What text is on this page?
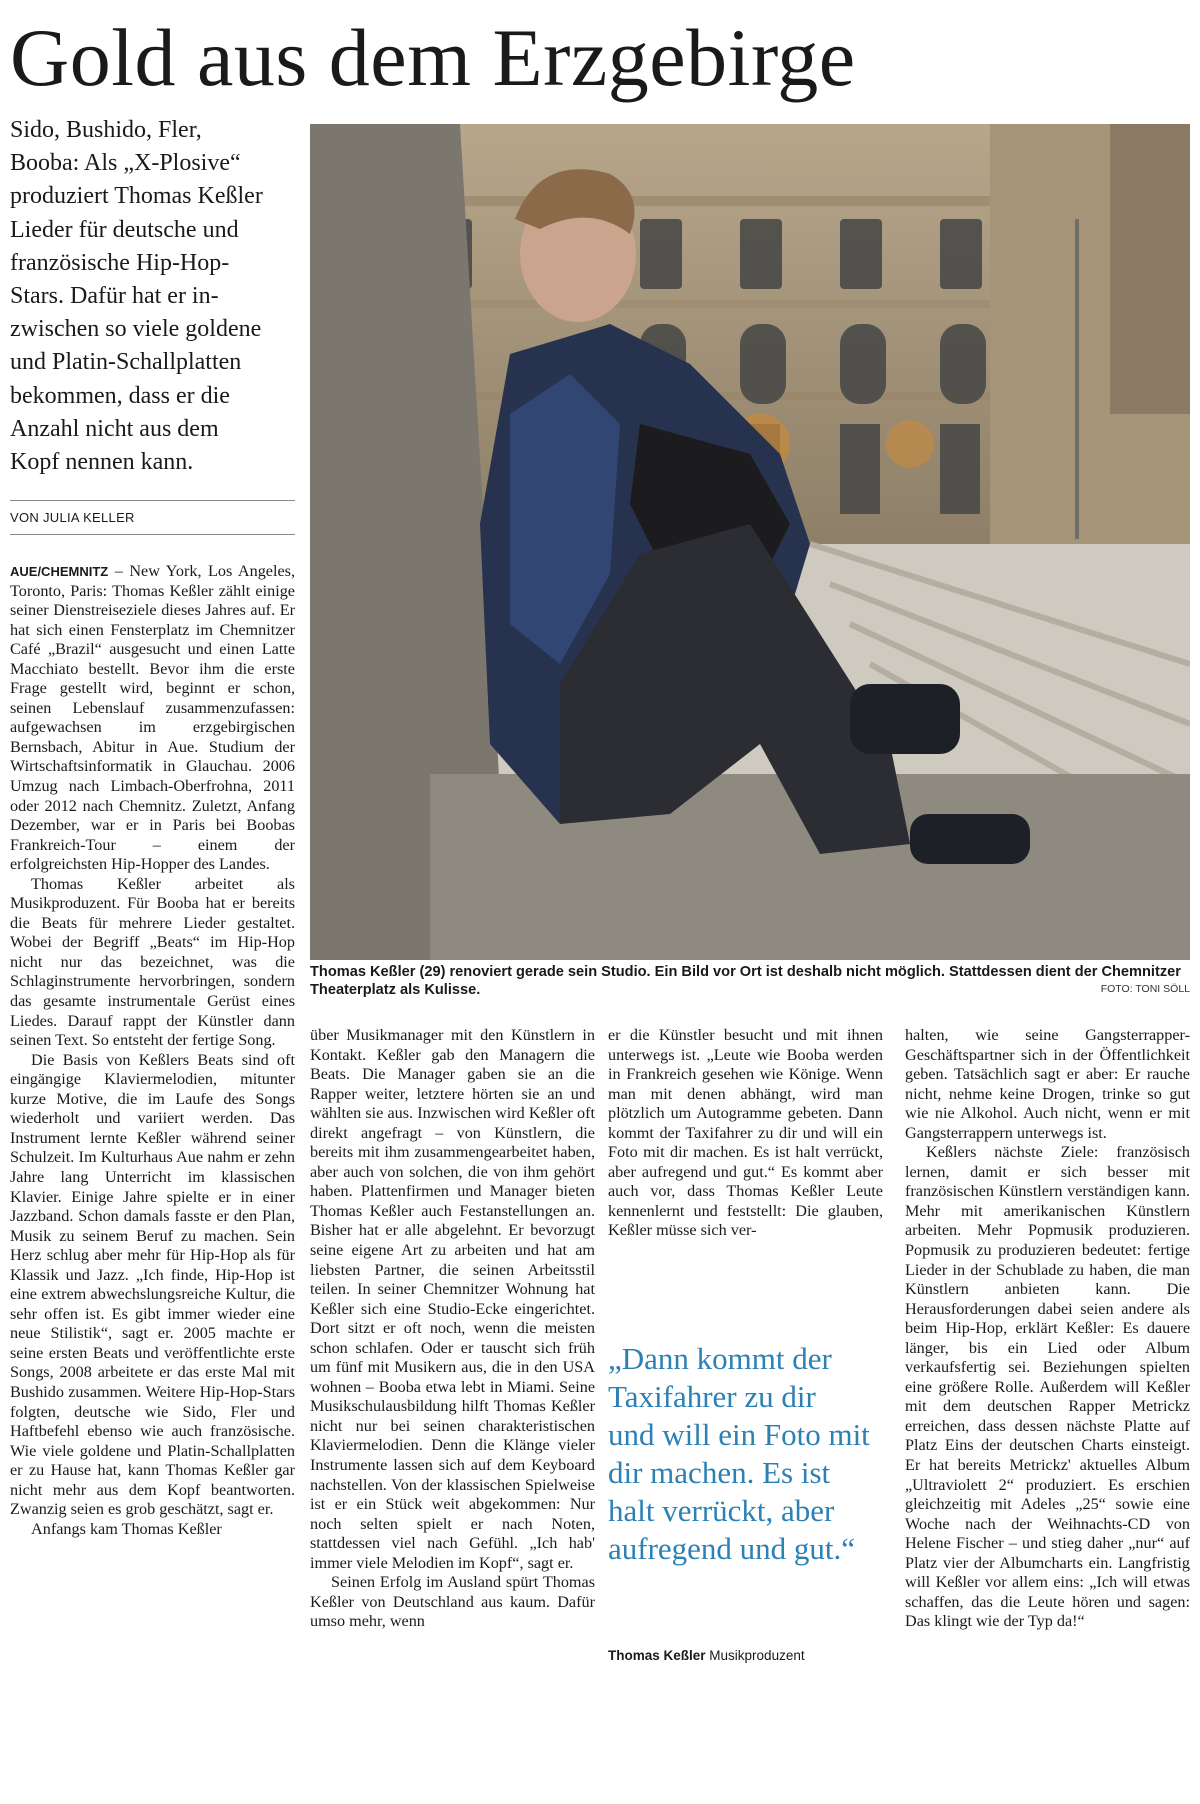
Gold aus dem Erzgebirge

Sido, Bushido, Fler,

Booba: Als „X-Plosive“

produziert Thomas Keßler

Lieder für deutsche und

französische Hip-Hop-

Stars. Dafür hat er in-

zwischen so viele goldene

und Platin-Schallplatten

bekommen, dass er die

Anzahl nicht aus dem

Kopf nennen kann.

VON JULIA KELLER

AUE/CHEMNITZ – New York, Los Angeles, Toronto, Paris: Thomas Keßler zählt einige seiner Dienstreiseziele dieses Jahres auf. Er hat sich einen Fensterplatz im Chemnitzer Café „Brazil“ ausgesucht und einen Latte Macchiato bestellt. Bevor ihm die erste Frage gestellt wird, beginnt er schon, seinen Lebenslauf zusammenzufassen: aufgewachsen im erzgebirgischen Bernsbach, Abitur in Aue. Studium der Wirtschaftsinformatik in Glauchau. 2006 Umzug nach Limbach-Oberfrohna, 2011 oder 2012 nach Chemnitz. Zuletzt, Anfang Dezember, war er in Paris bei Boobas Frankreich-Tour – einem der erfolgreichsten Hip-Hopper des Landes.

Thomas Keßler arbeitet als Musikproduzent. Für Booba hat er bereits die Beats für mehrere Lieder gestaltet. Wobei der Begriff „Beats“ im Hip-Hop nicht nur das bezeichnet, was die Schlaginstrumente hervorbringen, sondern das gesamte instrumentale Gerüst eines Liedes. Darauf rappt der Künstler dann seinen Text. So entsteht der fertige Song.

Die Basis von Keßlers Beats sind oft eingängige Klaviermelodien, mitunter kurze Motive, die im Laufe des Songs wiederholt und variiert werden. Das Instrument lernte Keßler während seiner Schulzeit. Im Kulturhaus Aue nahm er zehn Jahre lang Unterricht im klassischen Klavier. Einige Jahre spielte er in einer Jazzband. Schon damals fasste er den Plan, Musik zu seinem Beruf zu machen. Sein Herz schlug aber mehr für Hip-Hop als für Klassik und Jazz. „Ich finde, Hip-Hop ist eine extrem abwechslungsreiche Kultur, die sehr offen ist. Es gibt immer wieder eine neue Stilistik“, sagt er. 2005 machte er seine ersten Beats und veröffentlichte erste Songs, 2008 arbeitete er das erste Mal mit Bushido zusammen. Weitere Hip-Hop-Stars folgten, deutsche wie Sido, Fler und Haftbefehl ebenso wie auch französische. Wie viele goldene und Platin-Schallplatten er zu Hause hat, kann Thomas Keßler gar nicht mehr aus dem Kopf beantworten. Zwanzig seien es grob geschätzt, sagt er.

Anfangs kam Thomas Keßler

Thomas Keßler (29) renoviert gerade sein Studio. Ein Bild vor Ort ist deshalb nicht möglich. Stattdessen dient der Chemnitzer Theaterplatz als Kulisse.	FOTO: TONI SÖLL

über Musikmanager mit den Künstlern in Kontakt. Keßler gab den Managern die Beats. Die Manager gaben sie an die Rapper weiter, letztere hörten sie an und wählten sie aus. Inzwischen wird Keßler oft direkt angefragt – von Künstlern, die bereits mit ihm zusammengearbeitet haben, aber auch von solchen, die von ihm gehört haben. Plattenfirmen und Manager bieten Thomas Keßler auch Festanstellungen an. Bisher hat er alle abgelehnt. Er bevorzugt seine eigene Art zu arbeiten und hat am liebsten Partner, die seinen Arbeitsstil teilen. In seiner Chemnitzer Wohnung hat Keßler sich eine Studio-Ecke eingerichtet. Dort sitzt er oft noch, wenn die meisten schon schlafen. Oder er tauscht sich früh um fünf mit Musikern aus, die in den USA wohnen – Booba etwa lebt in Miami. Seine Musikschulausbildung hilft Thomas Keßler nicht nur bei seinen charakteristischen Klaviermelodien. Denn die Klänge vieler Instrumente lassen sich auf dem Keyboard nachstellen. Von der klassischen Spielweise ist er ein Stück weit abgekommen: Nur noch selten spielt er nach Noten, stattdessen viel nach Gefühl. „Ich hab' immer viele Melodien im Kopf“, sagt er.

Seinen Erfolg im Ausland spürt Thomas Keßler von Deutschland aus kaum. Dafür umso mehr, wenn

er die Künstler besucht und mit ihnen unterwegs ist. „Leute wie Booba werden in Frankreich gesehen wie Könige. Wenn man mit denen abhängt, wird man plötzlich um Autogramme gebeten. Dann kommt der Taxifahrer zu dir und will ein Foto mit dir machen. Es ist halt verrückt, aber aufregend und gut.“ Es kommt aber auch vor, dass Thomas Keßler Leute kennenlernt und feststellt: Die glauben, Keßler müsse sich ver-

„Dann kommt der Taxifahrer zu dir und will ein Foto mit dir machen. Es ist halt verrückt, aber aufregend und gut.“
Thomas Keßler Musikproduzent

halten, wie seine Gangsterrapper-Geschäftspartner sich in der Öffentlichkeit geben. Tatsächlich sagt er aber: Er rauche nicht, nehme keine Drogen, trinke so gut wie nie Alkohol. Auch nicht, wenn er mit Gangsterrappern unterwegs ist.

Keßlers nächste Ziele: französisch lernen, damit er sich besser mit französischen Künstlern verständigen kann. Mehr mit amerikanischen Künstlern arbeiten. Mehr Popmusik produzieren. Popmusik zu produzieren bedeutet: fertige Lieder in der Schublade zu haben, die man Künstlern anbieten kann. Die Herausforderungen dabei seien andere als beim Hip-Hop, erklärt Keßler: Es dauere länger, bis ein Lied oder Album verkaufsfertig sei. Beziehungen spielten eine größere Rolle. Außerdem will Keßler mit dem deutschen Rapper Metrickz erreichen, dass dessen nächste Platte auf Platz Eins der deutschen Charts einsteigt. Er hat bereits Metrickz' aktuelles Album „Ultraviolett 2“ produziert. Es erschien gleichzeitig mit Adeles „25“ sowie eine Woche nach der Weihnachts-CD von Helene Fischer – und stieg daher „nur“ auf Platz vier der Albumcharts ein. Langfristig will Keßler vor allem eins: „Ich will etwas schaffen, das die Leute hören und sagen: Das klingt wie der Typ da!“
